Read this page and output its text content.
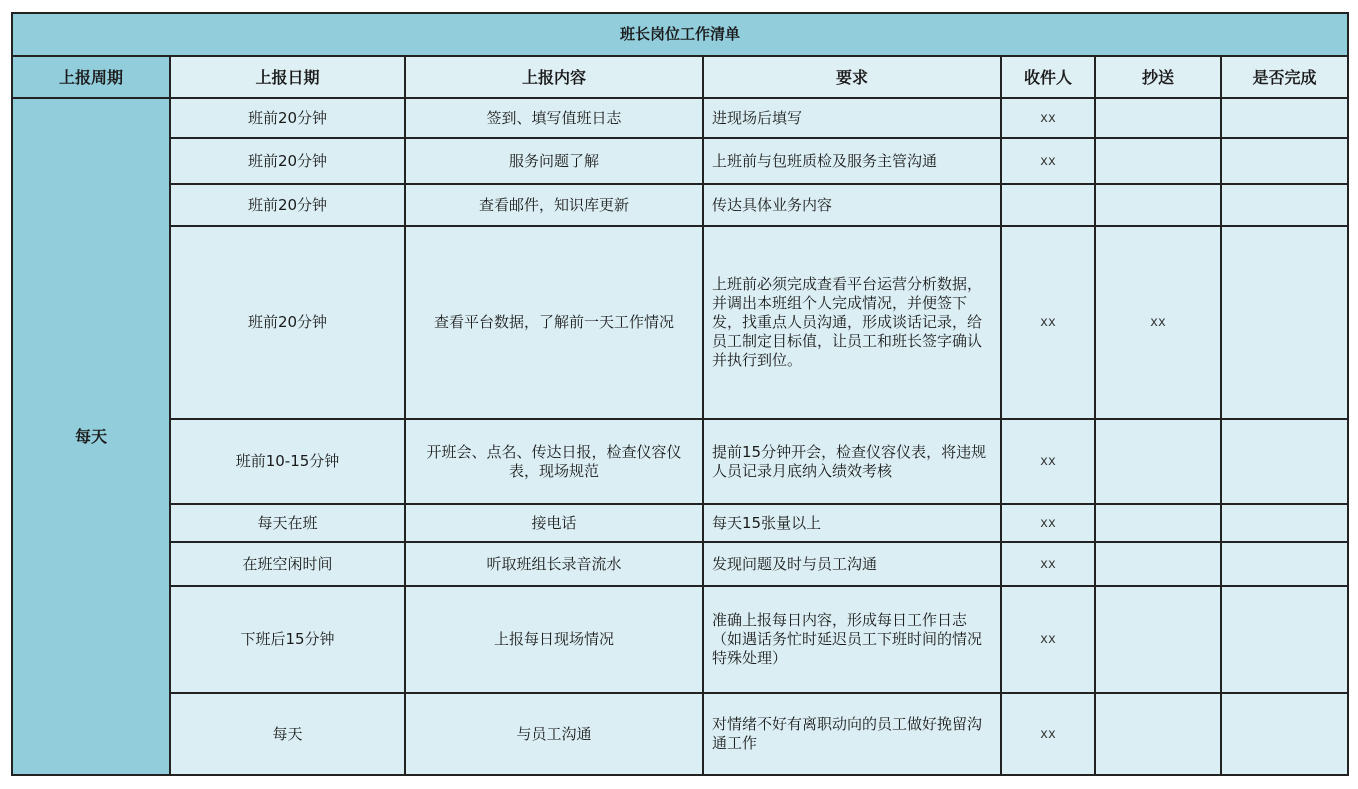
班长岗位工作清单						
上报周期	上报日期	上报内容	要求	收件人	抄送	是否完成
每天	班前20分钟	签到、填写值班日志	进现场后填写	xx		
	班前20分钟	服务问题了解	上班前与包班质检及服务主管沟通	xx		
	班前20分钟	查看邮件，知识库更新	传达具体业务内容			
	班前20分钟	查看平台数据，了解前一天工作情况	上班前必须完成查看平台运营分析数据，并调出本班组个人完成情况，并便签下发，找重点人员沟通，形成谈话记录，给员工制定目标值，让员工和班长签字确认并执行到位。	xx	xx	
	班前10-15分钟	开班会、点名、传达日报，检查仪容仪表，现场规范	提前15分钟开会，检查仪容仪表，将违规人员记录月底纳入绩效考核	xx		
	每天在班	接电话	每天15张量以上	xx		
	在班空闲时间	听取班组长录音流水	发现问题及时与员工沟通	xx		
	下班后15分钟	上报每日现场情况	准确上报每日内容，形成每日工作日志（如遇话务忙时延迟员工下班时间的情况特殊处理）	xx		
	每天	与员工沟通	对情绪不好有离职动向的员工做好挽留沟通工作	xx		
